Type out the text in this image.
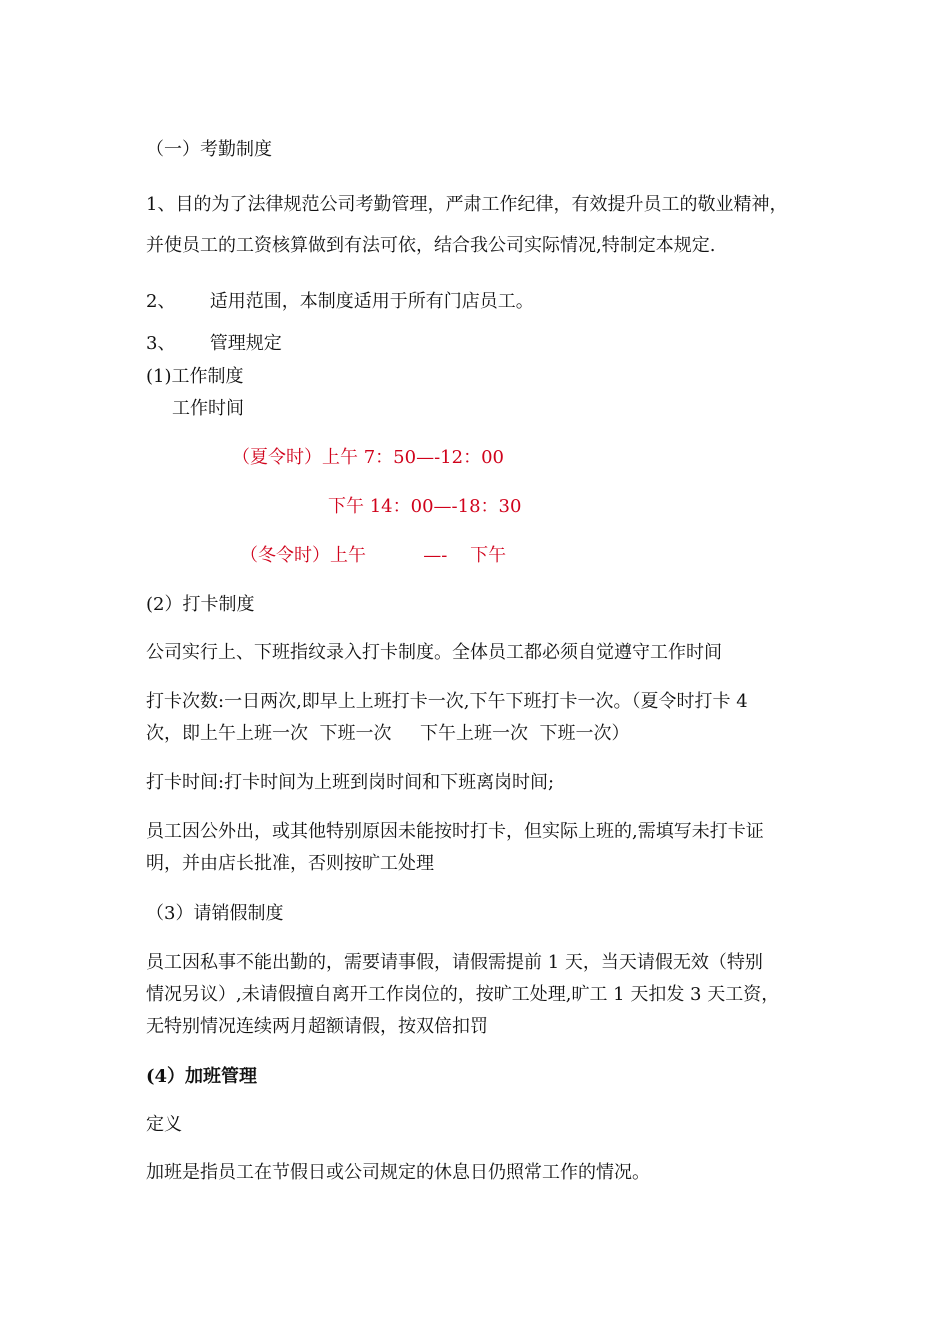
（一）考勤制度

1、目的为了法律规范公司考勤管理，严肃工作纪律，有效提升员工的敬业精神，

并使员工的工资核算做到有法可依，结合我公司实际情况,特制定本规定.

2、      适用范围，本制度适用于所有门店员工。

3、      管理规定

(1)工作制度

工作时间

（夏令时）上午 7：50—-12：00

下午 14：00—-18：30

（冬令时）上午          —-    下午

(2）打卡制度

公司实行上、下班指纹录入打卡制度。全体员工都必须自觉遵守工作时间

打卡次数:一日两次,即早上上班打卡一次,下午下班打卡一次。（夏令时打卡 4

次，即上午上班一次  下班一次     下午上班一次  下班一次）

打卡时间:打卡时间为上班到岗时间和下班离岗时间;

员工因公外出，或其他特别原因未能按时打卡，但实际上班的,需填写未打卡证

明，并由店长批准，否则按旷工处理

（3）请销假制度

员工因私事不能出勤的，需要请事假，请假需提前 1 天，当天请假无效（特别

情况另议）,未请假擅自离开工作岗位的，按旷工处理,旷工 1 天扣发 3 天工资，

无特别情况连续两月超额请假，按双倍扣罚

(4）加班管理

定义

加班是指员工在节假日或公司规定的休息日仍照常工作的情况。
